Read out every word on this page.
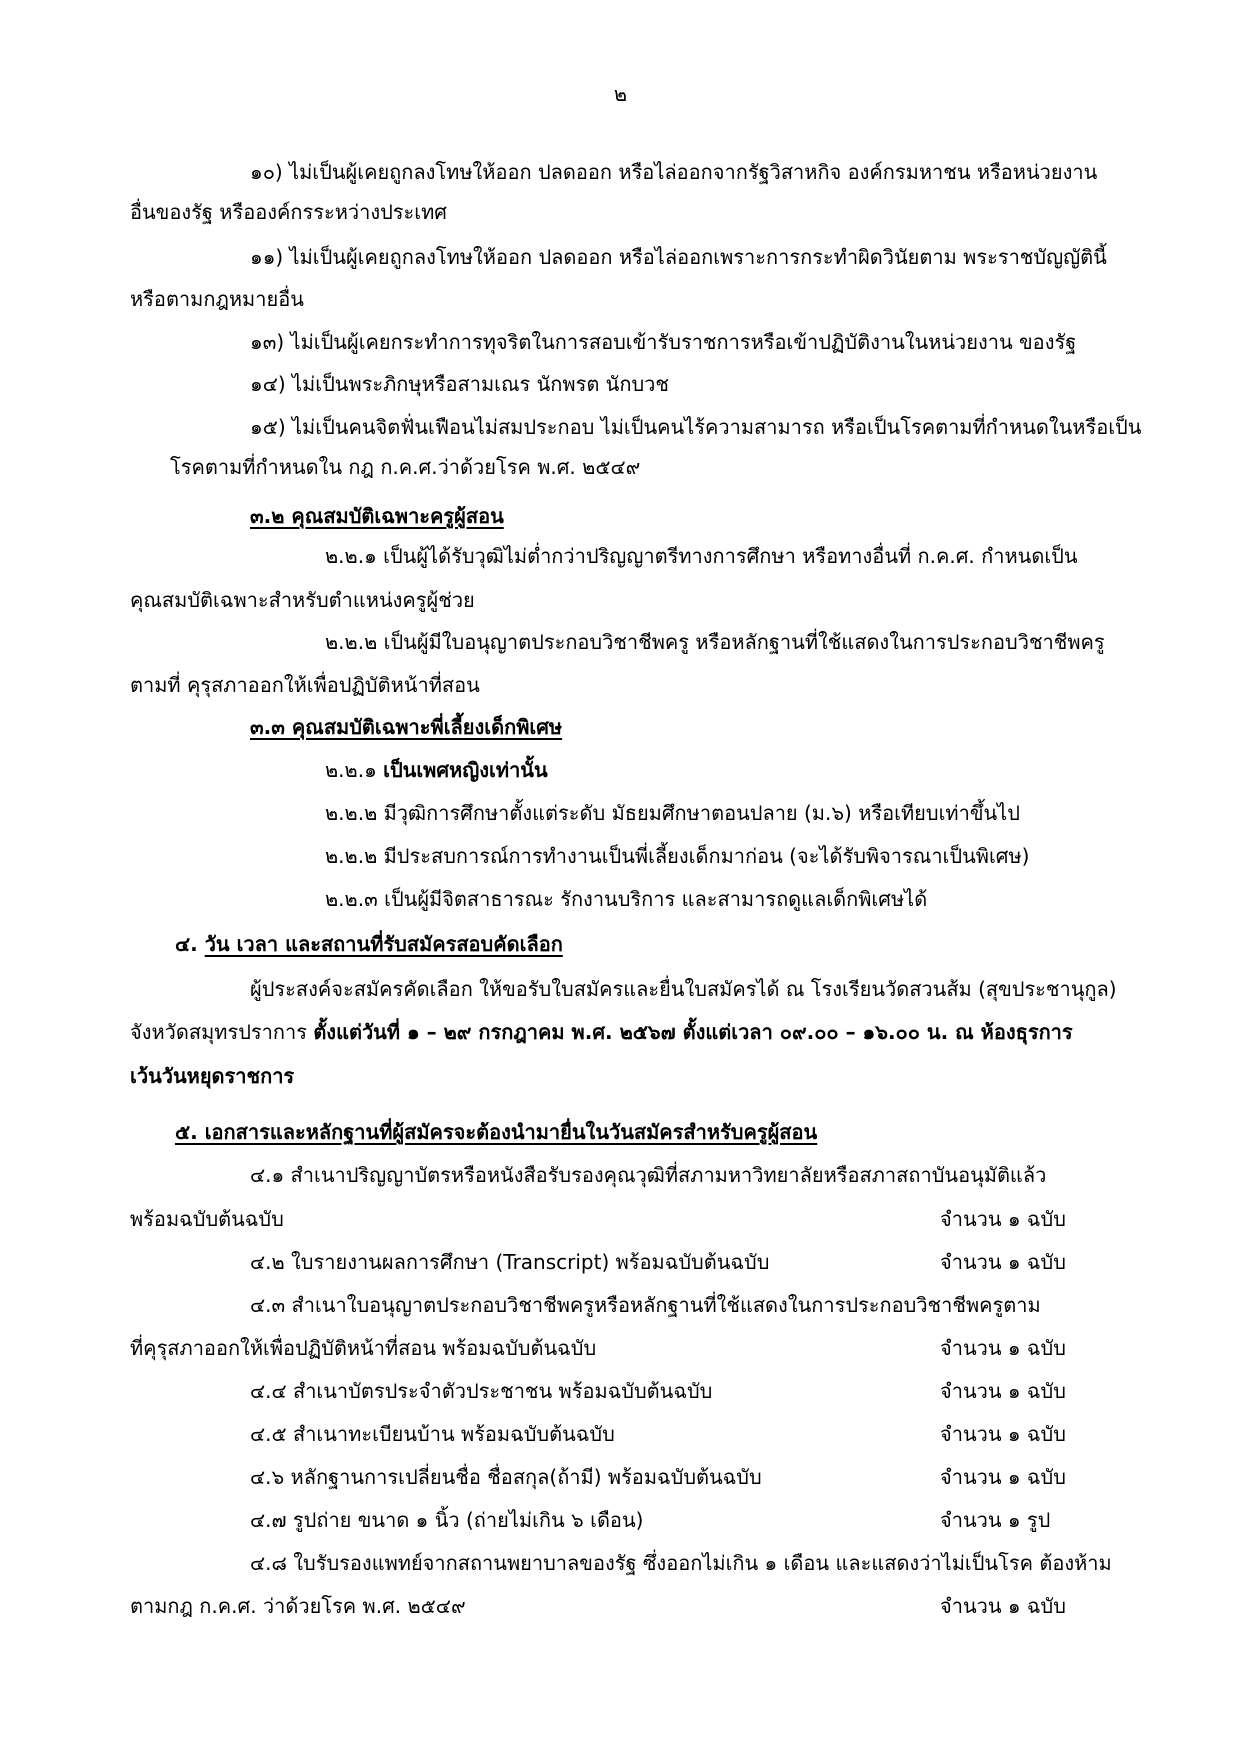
๒
๑๐) ไม่เป็นผู้เคยถูกลงโทษให้ออก ปลดออก หรือไล่ออกจากรัฐวิสาหกิจ องค์กรมหาชน หรือหน่วยงาน
อื่นของรัฐ หรือองค์กรระหว่างประเทศ
๑๑) ไม่เป็นผู้เคยถูกลงโทษให้ออก ปลดออก หรือไล่ออกเพราะการกระทำผิดวินัยตาม พระราชบัญญัตินี้
หรือตามกฎหมายอื่น
๑๓) ไม่เป็นผู้เคยกระทำการทุจริตในการสอบเข้ารับราชการหรือเข้าปฏิบัติงานในหน่วยงาน ของรัฐ
๑๔) ไม่เป็นพระภิกษุหรือสามเณร นักพรต นักบวช
๑๕) ไม่เป็นคนจิตฟั่นเฟือนไม่สมประกอบ ไม่เป็นคนไร้ความสามารถ หรือเป็นโรคตามที่กำหนดในหรือเป็น
โรคตามที่กำหนดใน กฎ ก.ค.ศ.ว่าด้วยโรค พ.ศ. ๒๕๔๙
๓.๒ คุณสมบัติเฉพาะครูผู้สอน
๒.๒.๑ เป็นผู้ได้รับวุฒิไม่ต่ำกว่าปริญญาตรีทางการศึกษา หรือทางอื่นที่ ก.ค.ศ. กำหนดเป็น
คุณสมบัติเฉพาะสำหรับตำแหน่งครูผู้ช่วย
๒.๒.๒ เป็นผู้มีใบอนุญาตประกอบวิชาชีพครู หรือหลักฐานที่ใช้แสดงในการประกอบวิชาชีพครู
ตามที่ คุรุสภาออกให้เพื่อปฏิบัติหน้าที่สอน
๓.๓ คุณสมบัติเฉพาะพี่เลี้ยงเด็กพิเศษ
๒.๒.๑ เป็นเพศหญิงเท่านั้น
๒.๒.๒ มีวุฒิการศึกษาตั้งแต่ระดับ มัธยมศึกษาตอนปลาย (ม.๖) หรือเทียบเท่าขึ้นไป
๒.๒.๒ มีประสบการณ์การทำงานเป็นพี่เลี้ยงเด็กมาก่อน (จะได้รับพิจารณาเป็นพิเศษ)
๒.๒.๓ เป็นผู้มีจิตสาธารณะ รักงานบริการ และสามารถดูแลเด็กพิเศษได้
๔. วัน เวลา และสถานที่รับสมัครสอบคัดเลือก
ผู้ประสงค์จะสมัครคัดเลือก ให้ขอรับใบสมัครและยื่นใบสมัครได้ ณ โรงเรียนวัดสวนส้ม (สุขประชานุกูล)
จังหวัดสมุทรปราการ ตั้งแต่วันที่ ๑ – ๒๙ กรกฎาคม พ.ศ. ๒๕๖๗ ตั้งแต่เวลา ๐๙.๐๐ – ๑๖.๐๐ น. ณ ห้องธุรการ
เว้นวันหยุดราชการ
๕. เอกสารและหลักฐานที่ผู้สมัครจะต้องนำมายื่นในวันสมัครสำหรับครูผู้สอน
๔.๑ สำเนาปริญญาบัตรหรือหนังสือรับรองคุณวุฒิที่สภามหาวิทยาลัยหรือสภาสถาบันอนุมัติแล้ว
พร้อมฉบับต้นฉบับ	จำนวน ๑ ฉบับ
๔.๒ ใบรายงานผลการศึกษา (Transcript) พร้อมฉบับต้นฉบับ	จำนวน ๑ ฉบับ
๔.๓ สำเนาใบอนุญาตประกอบวิชาชีพครูหรือหลักฐานที่ใช้แสดงในการประกอบวิชาชีพครูตาม
ที่คุรุสภาออกให้เพื่อปฏิบัติหน้าที่สอน พร้อมฉบับต้นฉบับ	จำนวน ๑ ฉบับ
๔.๔ สำเนาบัตรประจำตัวประชาชน พร้อมฉบับต้นฉบับ	จำนวน ๑ ฉบับ
๔.๕ สำเนาทะเบียนบ้าน พร้อมฉบับต้นฉบับ	จำนวน ๑ ฉบับ
๔.๖ หลักฐานการเปลี่ยนชื่อ ชื่อสกุล(ถ้ามี) พร้อมฉบับต้นฉบับ	จำนวน ๑ ฉบับ
๔.๗ รูปถ่าย ขนาด ๑ นิ้ว (ถ่ายไม่เกิน ๖ เดือน)	จำนวน ๑ รูป
๔.๘ ใบรับรองแพทย์จากสถานพยาบาลของรัฐ ซึ่งออกไม่เกิน ๑ เดือน และแสดงว่าไม่เป็นโรค ต้องห้าม
ตามกฎ ก.ค.ศ. ว่าด้วยโรค พ.ศ. ๒๕๔๙	จำนวน ๑ ฉบับ
